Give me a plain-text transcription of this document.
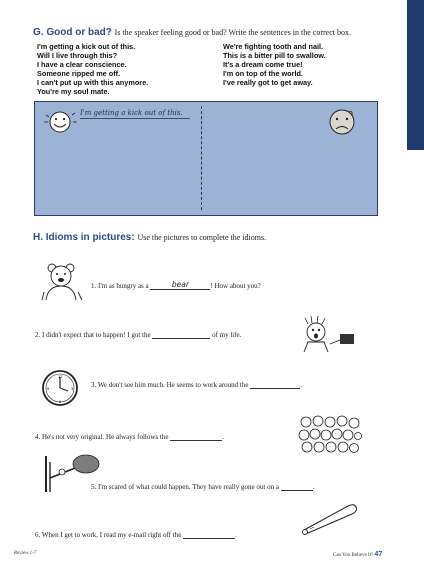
G. Good or bad? Is the speaker feeling good or bad? Write the sentences in the correct box.
I'm getting a kick out of this.
Will I live through this?
I have a clear conscience.
Someone ripped me off.
I can't put up with this anymore.
You're my soul mate.
We're fighting tooth and nail.
This is a bitter pill to swallow.
It's a dream come true!
I'm on top of the world.
I've really got to get away.
I'm getting a kick out of this.
H. Idioms in pictures: Use the pictures to complete the idioms.
1. I'm as hungry as a	bear	! How about you?
2. I didn't expect that to happen! I got the	of my life.
12
3
6
9	3. We don't see him much. He seems to work around the	.
4. He's not very original. He always follows the	.
5. I'm scared of what could happen. They have really gone out on a	.
6. When I get to work, I read my e-mail right off the	.
Review 1-7	Can You Believe It? 47
